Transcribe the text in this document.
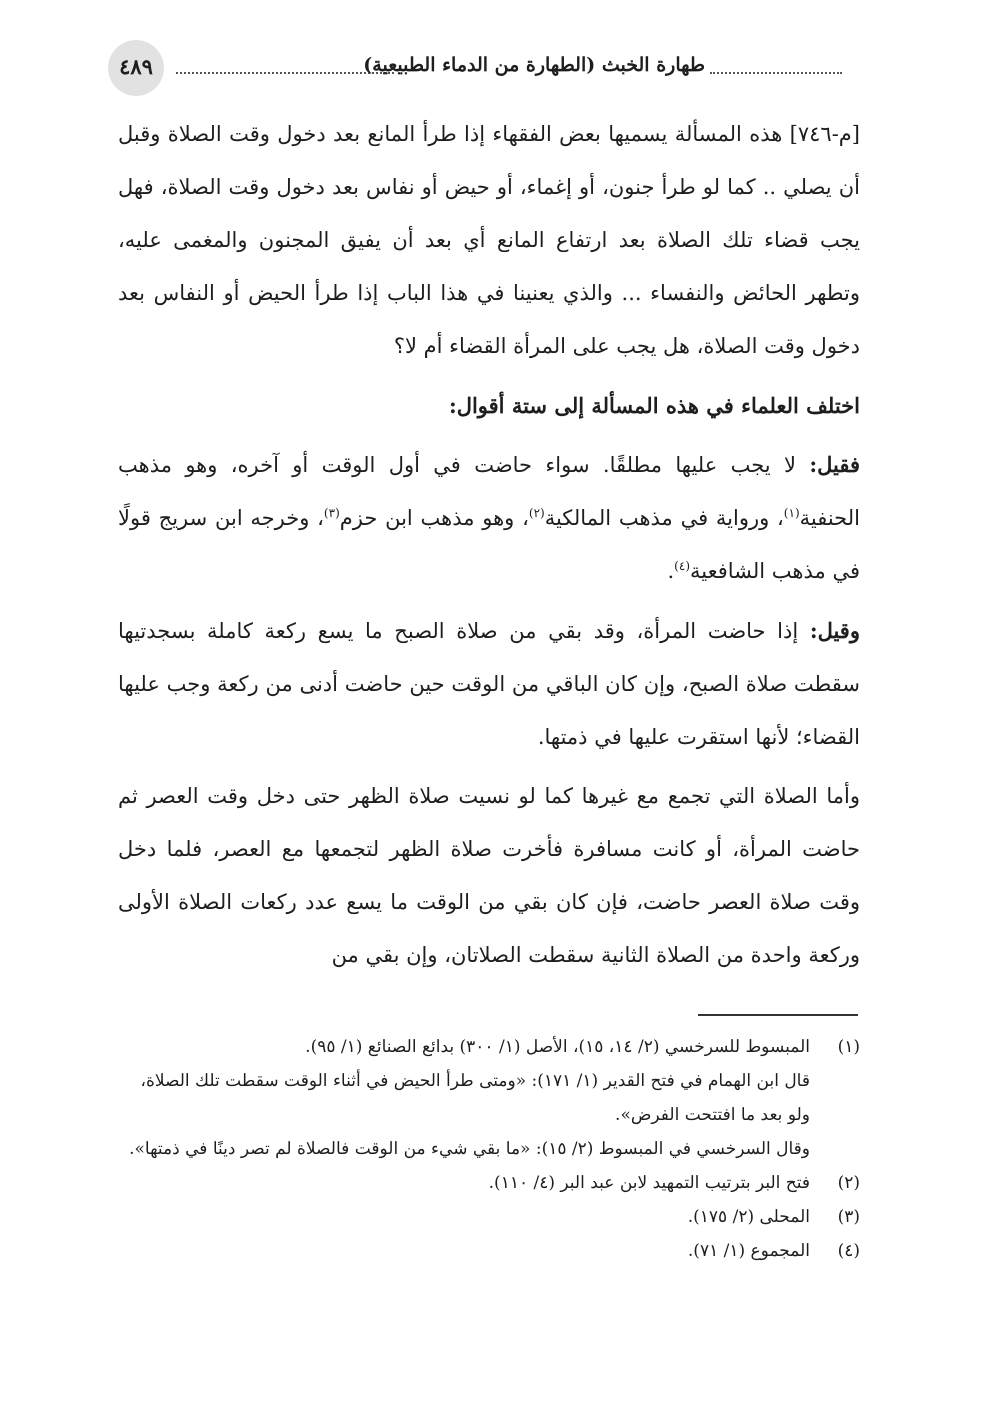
٤٨٩	طهارة الخبث (الطهارة من الدماء الطبيعية)

[م-٧٤٦] هذه المسألة يسميها بعض الفقهاء إذا طرأ المانع بعد دخول وقت الصلاة وقبل أن يصلي .. كما لو طرأ جنون، أو إغماء، أو حيض أو نفاس بعد دخول وقت الصلاة، فهل يجب قضاء تلك الصلاة بعد ارتفاع المانع أي بعد أن يفيق المجنون والمغمى عليه، وتطهر الحائض والنفساء ... والذي يعنينا في هذا الباب إذا طرأ الحيض أو النفاس بعد دخول وقت الصلاة، هل يجب على المرأة القضاء أم لا؟

اختلف العلماء في هذه المسألة إلى ستة أقوال:

فقيل: لا يجب عليها مطلقًا. سواء حاضت في أول الوقت أو آخره، وهو مذهب الحنفية$^{(١)}$، ورواية في مذهب المالكية$^{(٢)}$، وهو مذهب ابن حزم$^{(٣)}$، وخرجه ابن سريج قولًا في مذهب الشافعية$^{(٤)}$.

وقيل: إذا حاضت المرأة، وقد بقي من صلاة الصبح ما يسع ركعة كاملة بسجدتيها سقطت صلاة الصبح، وإن كان الباقي من الوقت حين حاضت أدنى من ركعة وجب عليها القضاء؛ لأنها استقرت عليها في ذمتها.

وأما الصلاة التي تجمع مع غيرها كما لو نسيت صلاة الظهر حتى دخل وقت العصر ثم حاضت المرأة، أو كانت مسافرة فأخرت صلاة الظهر لتجمعها مع العصر، فلما دخل وقت صلاة العصر حاضت، فإن كان بقي من الوقت ما يسع عدد ركعات الصلاة الأولى وركعة واحدة من الصلاة الثانية سقطت الصلاتان، وإن بقي من

(١)
المبسوط للسرخسي (٢/ ١٤، ١٥)، الأصل (١/ ٣٠٠) بدائع الصنائع (١/ ٩٥).
قال ابن الهمام في فتح القدير (١/ ١٧١): «ومتى طرأ الحيض في أثناء الوقت سقطت تلك الصلاة، ولو بعد ما افتتحت الفرض».
وقال السرخسي في المبسوط (٢/ ١٥): «ما بقي شيء من الوقت فالصلاة لم تصر دينًا في ذمتها».
(٢)
فتح البر بترتيب التمهيد لابن عبد البر (٤/ ١١٠).
(٣)
المحلى (٢/ ١٧٥).
(٤)
المجموع (١/ ٧١).
